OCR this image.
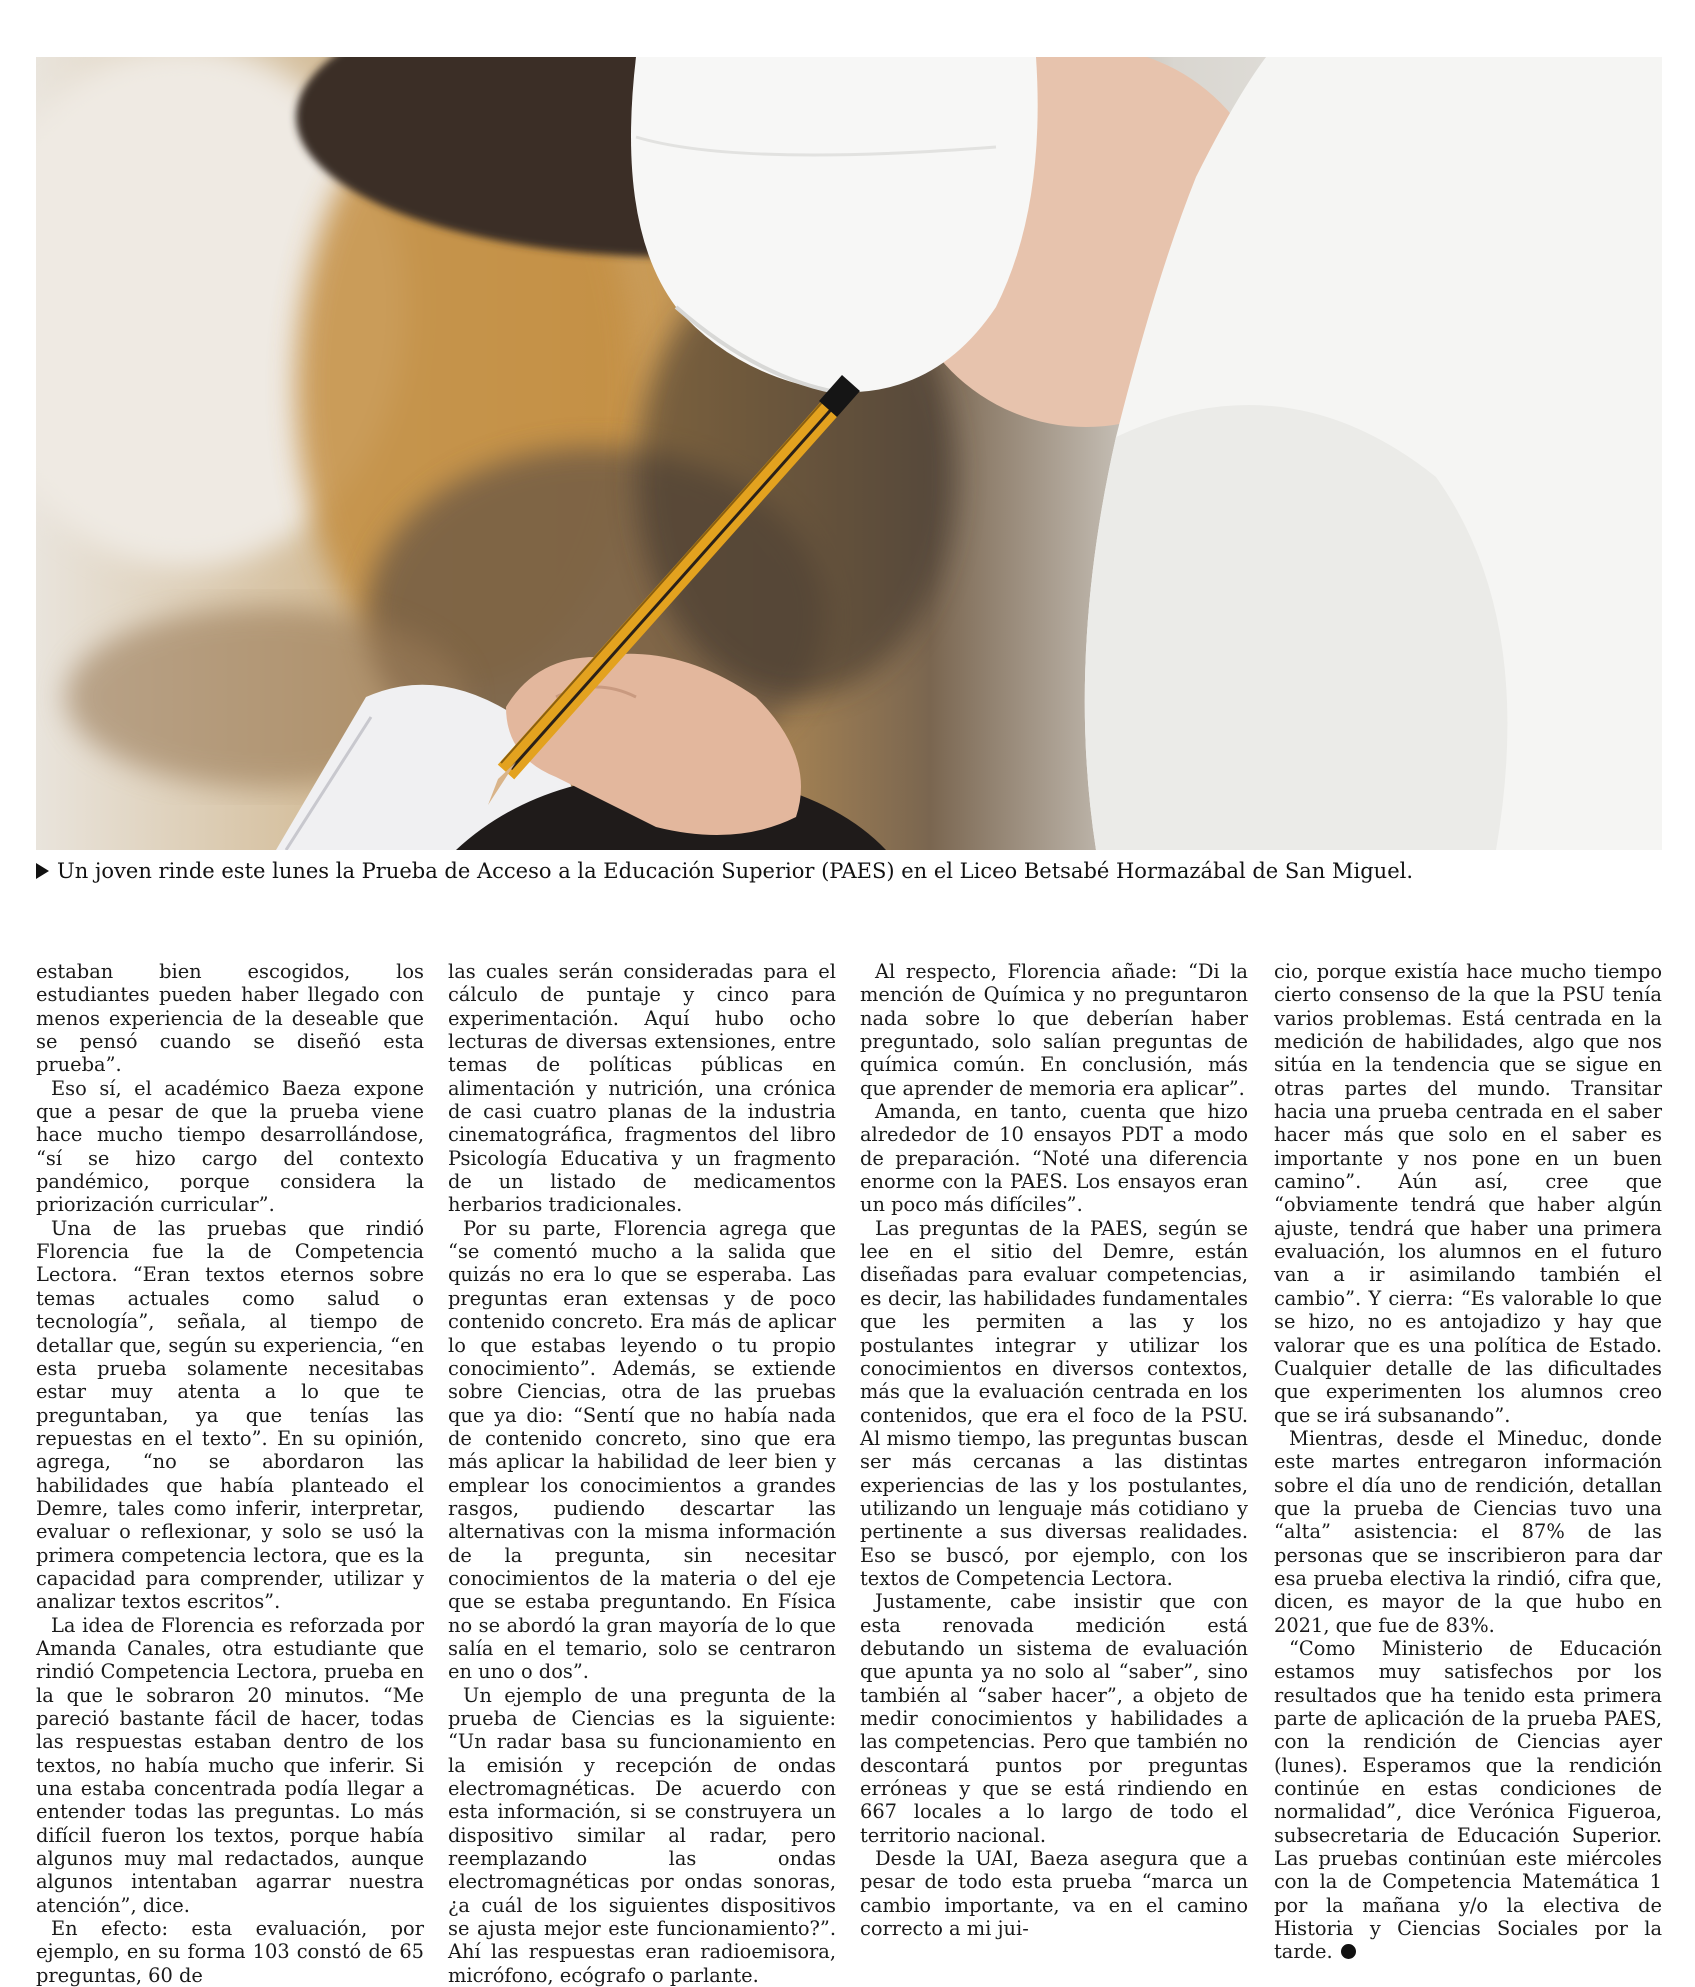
Un joven rinde este lunes la Prueba de Acceso a la Educación Superior (PAES) en el Liceo Betsabé Hormazábal de San Miguel.

estaban bien escogidos, los estudiantes pueden haber llegado con menos experiencia de la deseable que se pensó cuando se diseñó esta prueba”.

Eso sí, el académico Baeza expone que a pesar de que la prueba viene hace mucho tiempo desarrollándose, “sí se hizo cargo del contexto pandémico, porque considera la priorización curricular”.

Una de las pruebas que rindió Florencia fue la de Competencia Lectora. “Eran textos eternos sobre temas actuales como salud o tecnología”, señala, al tiempo de detallar que, según su experiencia, “en esta prueba solamente necesitabas estar muy atenta a lo que te preguntaban, ya que tenías las repuestas en el texto”. En su opinión, agrega, “no se abordaron las habilidades que había planteado el Demre, tales como inferir, interpretar, evaluar o reflexionar, y solo se usó la primera competencia lectora, que es la capacidad para comprender, utilizar y analizar textos escritos”.

La idea de Florencia es reforzada por Amanda Canales, otra estudiante que rindió Competencia Lectora, prueba en la que le sobraron 20 minutos. “Me pareció bastante fácil de hacer, todas las respuestas estaban dentro de los textos, no había mucho que inferir. Si una estaba concentrada podía llegar a entender todas las preguntas. Lo más difícil fueron los textos, porque había algunos muy mal redactados, aunque algunos intentaban agarrar nuestra atención”, dice.

En efecto: esta evaluación, por ejemplo, en su forma 103 constó de 65 preguntas, 60 de

las cuales serán consideradas para el cálculo de puntaje y cinco para experimentación. Aquí hubo ocho lecturas de diversas extensiones, entre temas de políticas públicas en alimentación y nutrición, una crónica de casi cuatro planas de la industria cinematográfica, fragmentos del libro Psicología Educativa y un fragmento de un listado de medicamentos herbarios tradicionales.

Por su parte, Florencia agrega que “se comentó mucho a la salida que quizás no era lo que se esperaba. Las preguntas eran extensas y de poco contenido concreto. Era más de aplicar lo que estabas leyendo o tu propio conocimiento”. Además, se extiende sobre Ciencias, otra de las pruebas que ya dio: “Sentí que no había nada de contenido concreto, sino que era más aplicar la habilidad de leer bien y emplear los conocimientos a grandes rasgos, pudiendo descartar las alternativas con la misma información de la pregunta, sin necesitar conocimientos de la materia o del eje que se estaba preguntando. En Física no se abordó la gran mayoría de lo que salía en el temario, solo se centraron en uno o dos”.

Un ejemplo de una pregunta de la prueba de Ciencias es la siguiente: “Un radar basa su funcionamiento en la emisión y recepción de ondas electromagnéticas. De acuerdo con esta información, si se construyera un dispositivo similar al radar, pero reemplazando las ondas electromagnéticas por ondas sonoras, ¿a cuál de los siguientes dispositivos se ajusta mejor este funcionamiento?”. Ahí las respuestas eran radioemisora, micrófono, ecógrafo o parlante.

Al respecto, Florencia añade: “Di la mención de Química y no preguntaron nada sobre lo que deberían haber preguntado, solo salían preguntas de química común. En conclusión, más que aprender de memoria era aplicar”.

Amanda, en tanto, cuenta que hizo alrededor de 10 ensayos PDT a modo de preparación. “Noté una diferencia enorme con la PAES. Los ensayos eran un poco más difíciles”.

Las preguntas de la PAES, según se lee en el sitio del Demre, están diseñadas para evaluar competencias, es decir, las habilidades fundamentales que les permiten a las y los postulantes integrar y utilizar los conocimientos en diversos contextos, más que la evaluación centrada en los contenidos, que era el foco de la PSU. Al mismo tiempo, las preguntas buscan ser más cercanas a las distintas experiencias de las y los postulantes, utilizando un lenguaje más cotidiano y pertinente a sus diversas realidades. Eso se buscó, por ejemplo, con los textos de Competencia Lectora.

Justamente, cabe insistir que con esta renovada medición está debutando un sistema de evaluación que apunta ya no solo al “saber”, sino también al “saber hacer”, a objeto de medir conocimientos y habilidades a las competencias. Pero que también no descontará puntos por preguntas erróneas y que se está rindiendo en 667 locales a lo largo de todo el territorio nacional.

Desde la UAI, Baeza asegura que a pesar de todo esta prueba “marca un cambio importante, va en el camino correcto a mi jui-

cio, porque existía hace mucho tiempo cierto consenso de la que la PSU tenía varios problemas. Está centrada en la medición de habilidades, algo que nos sitúa en la tendencia que se sigue en otras partes del mundo. Transitar hacia una prueba centrada en el saber hacer más que solo en el saber es importante y nos pone en un buen camino”. Aún así, cree que “obviamente tendrá que haber algún ajuste, tendrá que haber una primera evaluación, los alumnos en el futuro van a ir asimilando también el cambio”. Y cierra: “Es valorable lo que se hizo, no es antojadizo y hay que valorar que es una política de Estado. Cualquier detalle de las dificultades que experimenten los alumnos creo que se irá subsanando”.

Mientras, desde el Mineduc, donde este martes entregaron información sobre el día uno de rendición, detallan que la prueba de Ciencias tuvo una “alta” asistencia: el 87% de las personas que se inscribieron para dar esa prueba electiva la rindió, cifra que, dicen, es mayor de la que hubo en 2021, que fue de 83%.

“Como Ministerio de Educación estamos muy satisfechos por los resultados que ha tenido esta primera parte de aplicación de la prueba PAES, con la rendición de Ciencias ayer (lunes). Esperamos que la rendición continúe en estas condiciones de normalidad”, dice Verónica Figueroa, subsecretaria de Educación Superior. Las pruebas continúan este miércoles con la de Competencia Matemática 1 por la mañana y/o la electiva de Historia y Ciencias Sociales por la tarde.
